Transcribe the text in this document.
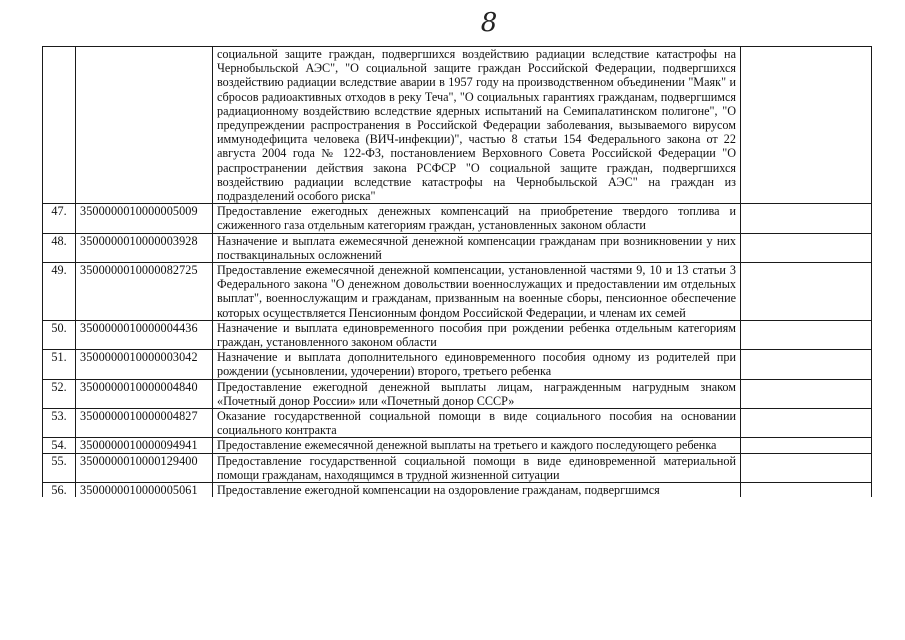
8
		социальной защите граждан, подвергшихся воздействию радиации вследствие катастрофы на Чернобыльской АЭС", "О социальной защите граждан Российской Федерации, подвергшихся воздействию радиации вследствие аварии в 1957 году на производственном объединении "Маяк" и сбросов радиоактивных отходов в реку Теча", "О социальных гарантиях гражданам, подвергшимся радиационному воздействию вследствие ядерных испытаний на Семипалатинском полигоне", "О предупреждении распространения в Российской Федерации заболевания, вызываемого вирусом иммунодефицита человека (ВИЧ-инфекции)", частью 8 статьи 154 Федерального закона от 22 августа 2004 года № 122-ФЗ, постановлением Верховного Совета Российской Федерации "О распространении действия закона РСФСР "О социальной защите граждан, подвергшихся воздействию радиации вследствие катастрофы на Чернобыльской АЭС" на граждан из подразделений особого риска"	
47.	3500000010000005009	Предоставление ежегодных денежных компенсаций на приобретение твердого топлива и сжиженного газа отдельным категориям граждан, установленных законом области	
48.	3500000010000003928	Назначение и выплата ежемесячной денежной компенсации гражданам при возникновении у них поствакцинальных осложнений	
49.	3500000010000082725	Предоставление ежемесячной денежной компенсации, установленной частями 9, 10 и 13 статьи 3 Федерального закона "О денежном довольствии военнослужащих и предоставлении им отдельных выплат", военнослужащим и гражданам, призванным на военные сборы, пенсионное обеспечение которых осуществляется Пенсионным фондом Российской Федерации, и членам их семей	
50.	3500000010000004436	Назначение и выплата единовременного пособия при рождении ребенка отдельным категориям граждан, установленного законом области	
51.	3500000010000003042	Назначение и выплата дополнительного единовременного пособия одному из родителей при рождении (усыновлении, удочерении) второго, третьего ребенка	
52.	3500000010000004840	Предоставление ежегодной денежной выплаты лицам, награжденным нагрудным знаком «Почетный донор России» или «Почетный донор СССР»	
53.	3500000010000004827	Оказание государственной социальной помощи в виде социального пособия на основании социального контракта	
54.	3500000010000094941	Предоставление ежемесячной денежной выплаты на третьего и каждого последующего ребенка	
55.	3500000010000129400	Предоставление государственной социальной помощи в виде единовременной материальной помощи гражданам, находящимся в трудной жизненной ситуации	
56.	3500000010000005061	Предоставление ежегодной компенсации на оздоровление гражданам, подвергшимся	
